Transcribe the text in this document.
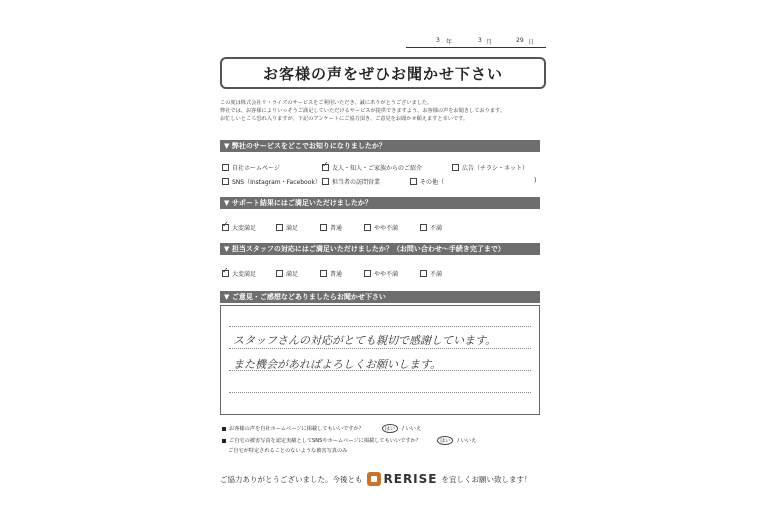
3 年	3 月	29 日
お客様の声をぜひお聞かせ下さい
この度は株式会社リ・ライズのサービスをご利用いただき、誠にありがとうございました。
弊社では、お客様によりいっそうご満足していただけるサービスが提供できますよう、お客様の声をお聞きしております。
お忙しいところ恐れ入りますが、下記のアンケートにご協力頂き、ご意見をお聞かせ願えますと幸いです。
▼ 弊社のサービスをどこでお知りになりましたか？
自社ホームページ
✓	友人・知人・ご家族からのご紹介	広告（チラシ・ネット）
SNS（Instagram・Facebook） 担当者の訪問営業	その他（	)
▼ サポート結果にはご満足いただけましたか？
✓
大変満足	満足	普通	やや不満	不満
▼ 担当スタッフの対応にはご満足いただけましたか？（お問い合わせ～手続き完了まで）
✓
大変満足	満足	普通	やや不満	不満
▼ ご意見・ご感想などありましたらお聞かせ下さい
スタッフさんの対応がとても親切で感謝しています。
また機会があればよろしくお願いします。
お客様の声を自社ホームページに掲載してもいいですか？	はい	/ いいえ
ご自宅の被害写真を認定実績としてSNSやホームページに掲載してもいいですか？	はい	/ いいえ
ご自宅が特定されることのないような被害写真のみ
ご協力ありがとうございました。今後とも RERISE を宜しくお願い致します！
